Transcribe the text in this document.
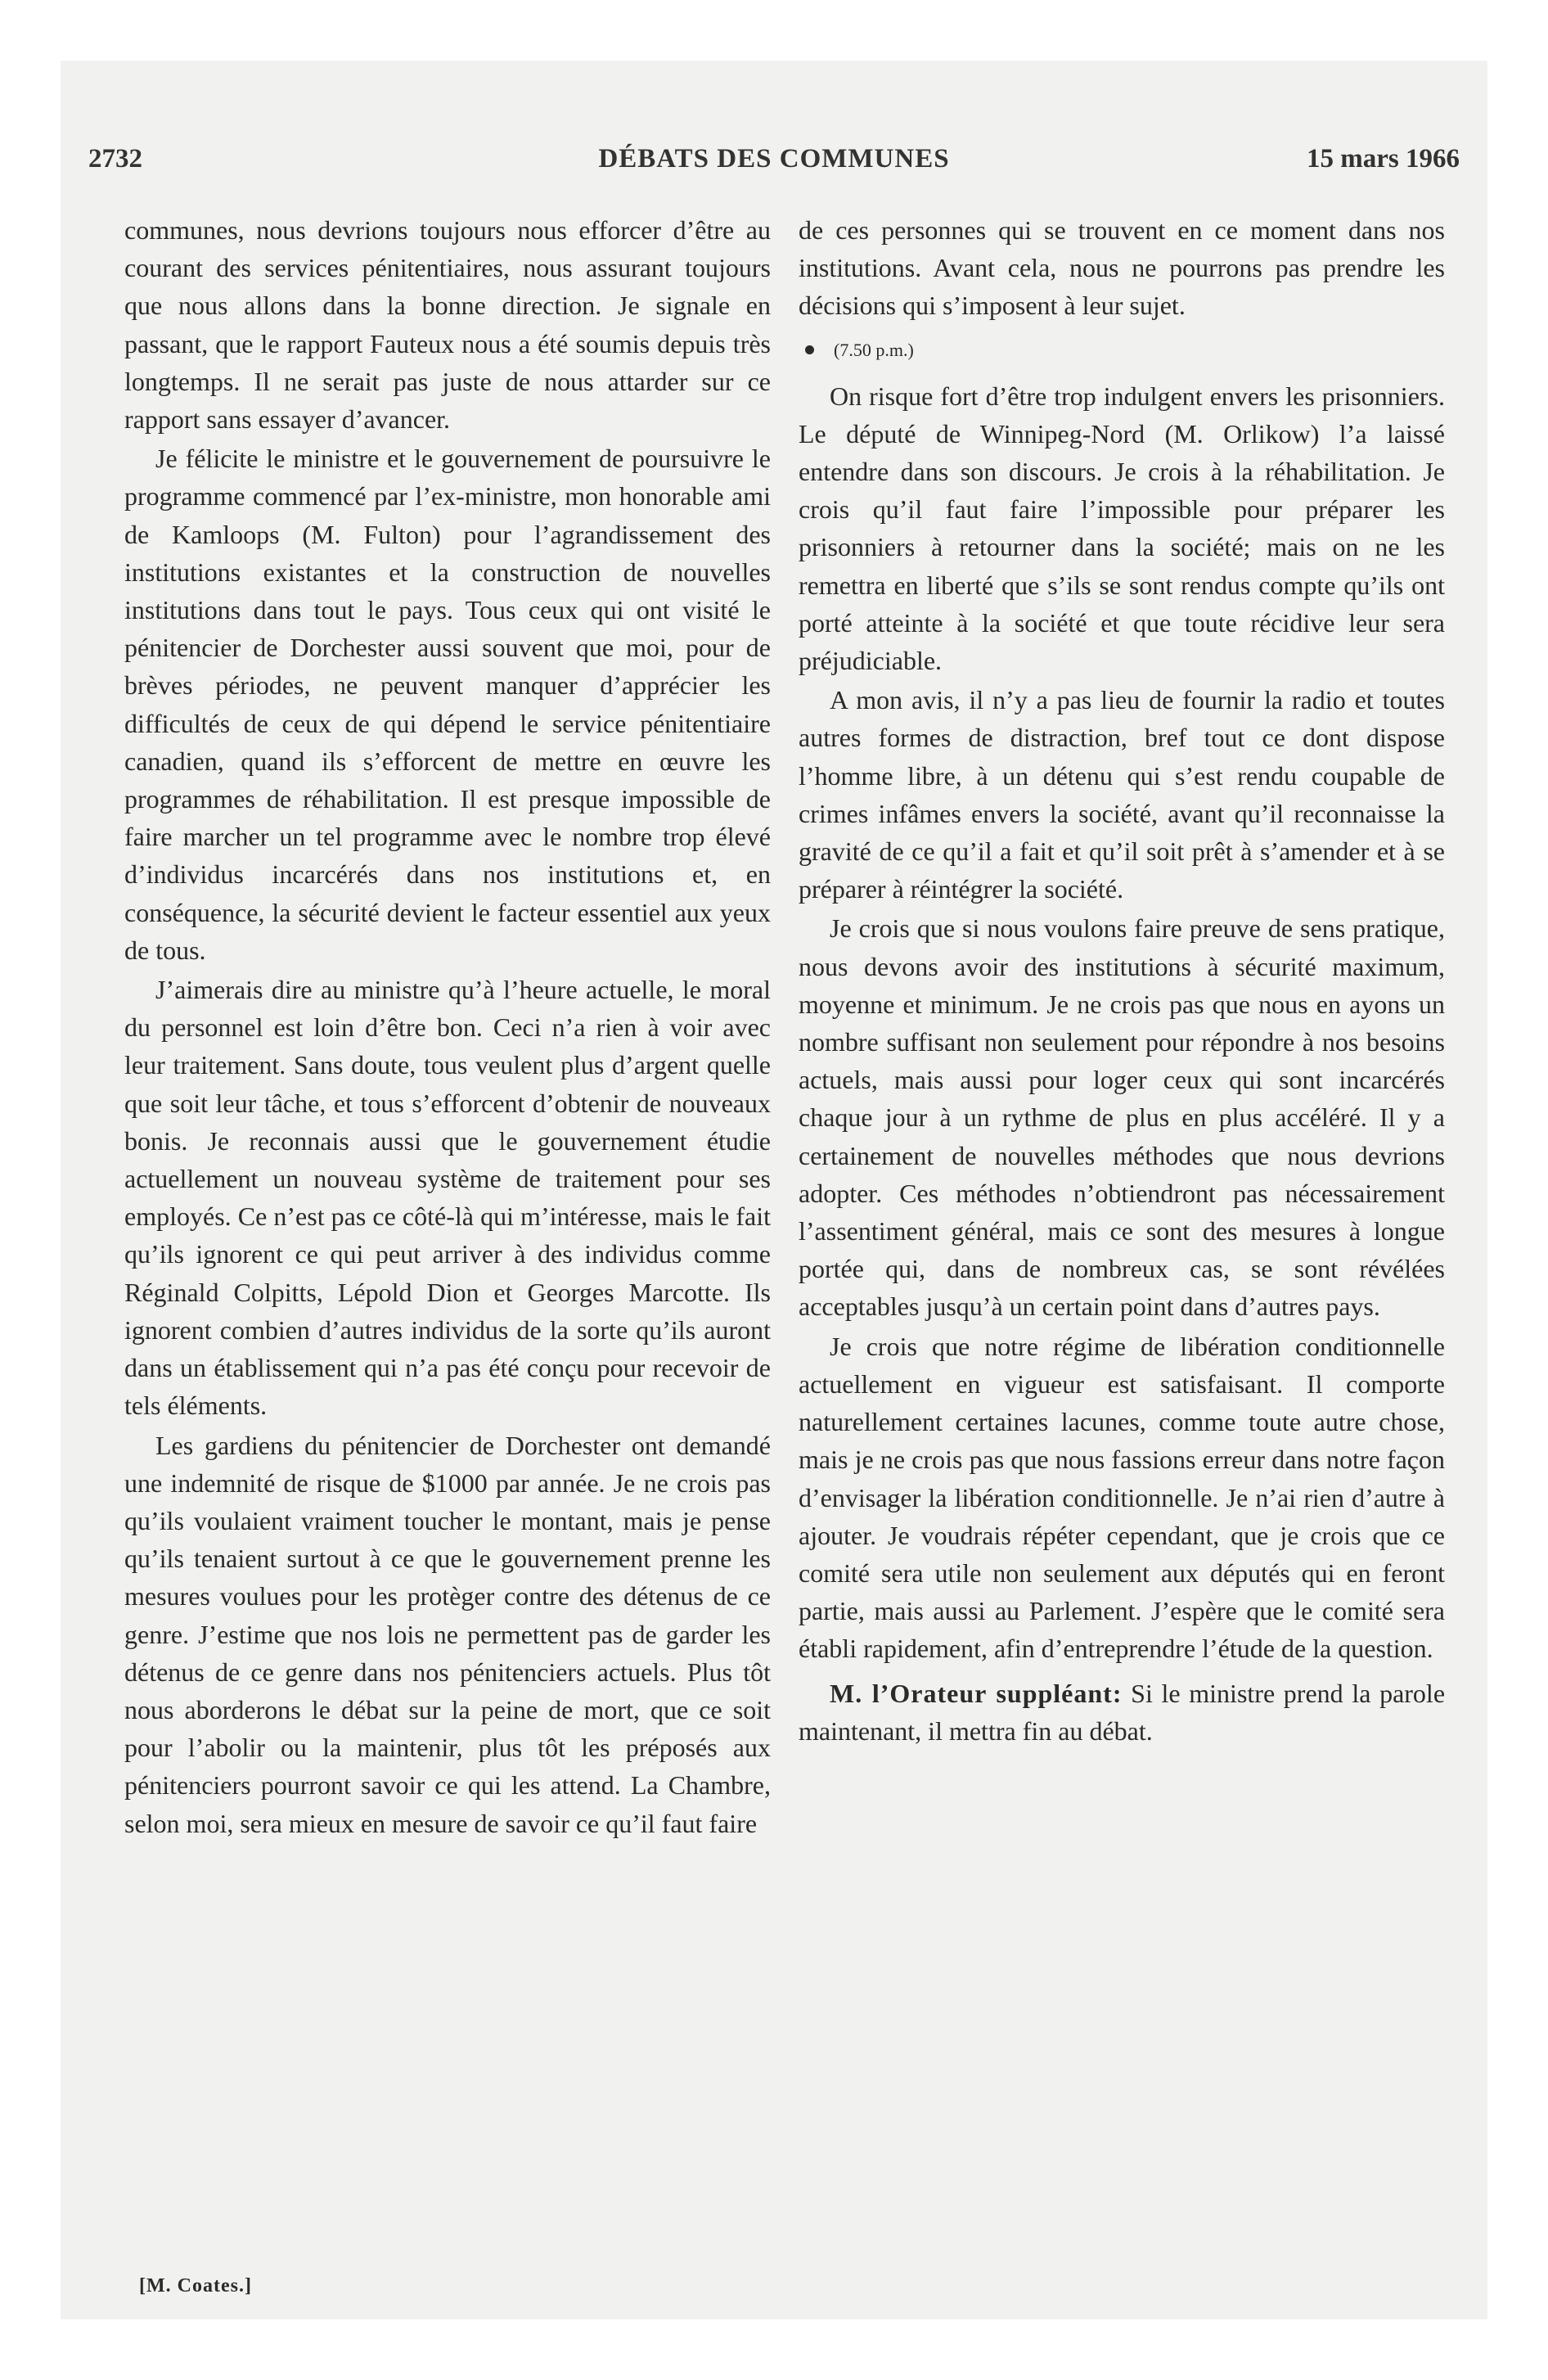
2732	DÉBATS DES COMMUNES	15 mars 1966

communes, nous devrions toujours nous efforcer d’être au courant des services pénitentiaires, nous assurant toujours que nous allons dans la bonne direction. Je signale en passant, que le rapport Fauteux nous a été soumis depuis très longtemps. Il ne serait pas juste de nous attarder sur ce rapport sans essayer d’avancer.

Je félicite le ministre et le gouvernement de poursuivre le programme commencé par l’ex-ministre, mon honorable ami de Kamloops (M. Fulton) pour l’agrandissement des institutions existantes et la construction de nouvelles institutions dans tout le pays. Tous ceux qui ont visité le pénitencier de Dorchester aussi souvent que moi, pour de brèves périodes, ne peuvent manquer d’apprécier les difficultés de ceux de qui dépend le service pénitentiaire canadien, quand ils s’efforcent de mettre en œuvre les programmes de réhabilitation. Il est presque impossible de faire marcher un tel programme avec le nombre trop élevé d’individus incarcérés dans nos institutions et, en conséquence, la sécurité devient le facteur essentiel aux yeux de tous.

J’aimerais dire au ministre qu’à l’heure actuelle, le moral du personnel est loin d’être bon. Ceci n’a rien à voir avec leur traitement. Sans doute, tous veulent plus d’argent quelle que soit leur tâche, et tous s’efforcent d’obtenir de nouveaux bonis. Je reconnais aussi que le gouvernement étudie actuellement un nouveau système de traitement pour ses employés. Ce n’est pas ce côté-là qui m’intéresse, mais le fait qu’ils ignorent ce qui peut arriver à des individus comme Réginald Colpitts, Lépold Dion et Georges Marcotte. Ils ignorent combien d’autres individus de la sorte qu’ils auront dans un établissement qui n’a pas été conçu pour recevoir de tels éléments.

Les gardiens du pénitencier de Dorchester ont demandé une indemnité de risque de $1000 par année. Je ne crois pas qu’ils voulaient vraiment toucher le montant, mais je pense qu’ils tenaient surtout à ce que le gouvernement prenne les mesures voulues pour les protèger contre des détenus de ce genre. J’estime que nos lois ne permettent pas de garder les détenus de ce genre dans nos pénitenciers actuels. Plus tôt nous aborderons le débat sur la peine de mort, que ce soit pour l’abolir ou la maintenir, plus tôt les préposés aux pénitenciers pourront savoir ce qui les attend. La Chambre, selon moi, sera mieux en mesure de savoir ce qu’il faut faire

de ces personnes qui se trouvent en ce moment dans nos institutions. Avant cela, nous ne pourrons pas prendre les décisions qui s’imposent à leur sujet.

(7.50 p.m.)

On risque fort d’être trop indulgent envers les prisonniers. Le député de Winnipeg-Nord (M. Orlikow) l’a laissé entendre dans son discours. Je crois à la réhabilitation. Je crois qu’il faut faire l’impossible pour préparer les prisonniers à retourner dans la société; mais on ne les remettra en liberté que s’ils se sont rendus compte qu’ils ont porté atteinte à la société et que toute récidive leur sera préjudiciable.

A mon avis, il n’y a pas lieu de fournir la radio et toutes autres formes de distraction, bref tout ce dont dispose l’homme libre, à un détenu qui s’est rendu coupable de crimes infâmes envers la société, avant qu’il reconnaisse la gravité de ce qu’il a fait et qu’il soit prêt à s’amender et à se préparer à réintégrer la société.

Je crois que si nous voulons faire preuve de sens pratique, nous devons avoir des institutions à sécurité maximum, moyenne et minimum. Je ne crois pas que nous en ayons un nombre suffisant non seulement pour répondre à nos besoins actuels, mais aussi pour loger ceux qui sont incarcérés chaque jour à un rythme de plus en plus accéléré. Il y a certainement de nouvelles méthodes que nous devrions adopter. Ces méthodes n’obtiendront pas nécessairement l’assentiment général, mais ce sont des mesures à longue portée qui, dans de nombreux cas, se sont révélées acceptables jusqu’à un certain point dans d’autres pays.

Je crois que notre régime de libération conditionnelle actuellement en vigueur est satisfaisant. Il comporte naturellement certaines lacunes, comme toute autre chose, mais je ne crois pas que nous fassions erreur dans notre façon d’envisager la libération conditionnelle. Je n’ai rien d’autre à ajouter. Je voudrais répéter cependant, que je crois que ce comité sera utile non seulement aux députés qui en feront partie, mais aussi au Parlement. J’espère que le comité sera établi rapidement, afin d’entreprendre l’étude de la question.

M. l’Orateur suppléant: Si le ministre prend la parole maintenant, il mettra fin au débat.

[M. Coates.]
